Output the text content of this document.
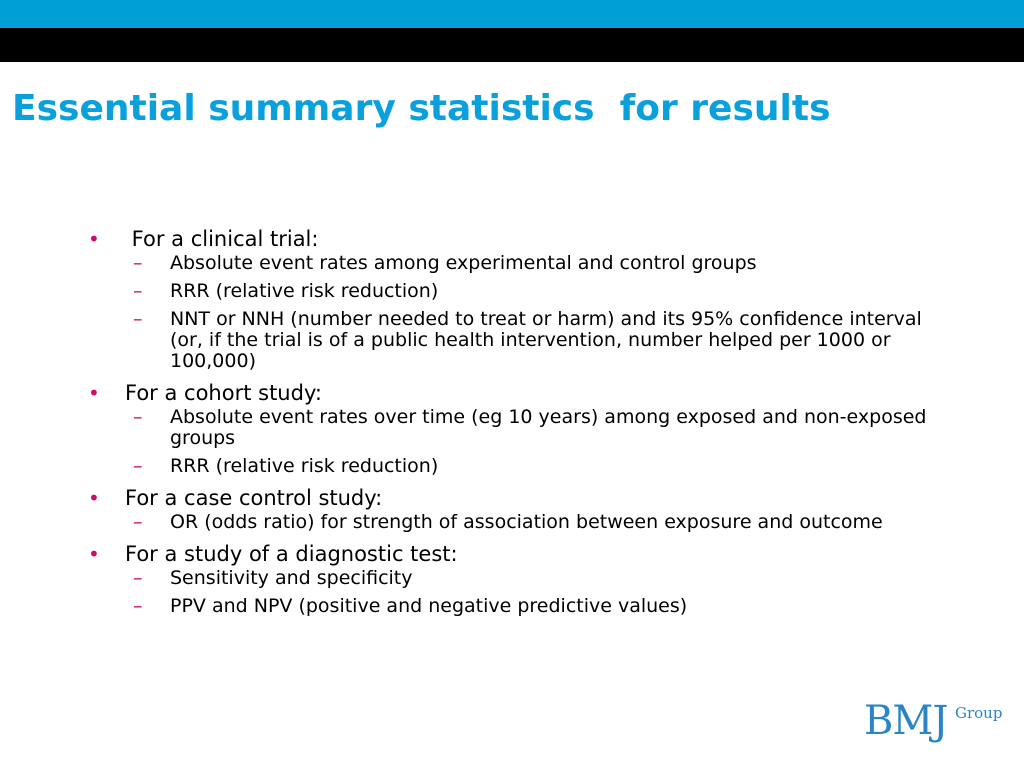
Essential summary statistics  for results
• For a clinical trial:
– Absolute event rates among experimental and control groups
– RRR (relative risk reduction)
– NNT or NNH (number needed to treat or harm) and its 95% confidence interval (or, if the trial is of a public health intervention, number helped per 1000 or 100,000)
• For a cohort study:
– Absolute event rates over time (eg 10 years) among exposed and non-exposed groups
– RRR (relative risk reduction)
• For a case control study:
– OR (odds ratio) for strength of association between exposure and outcome
• For a study of a diagnostic test:
– Sensitivity and specificity
– PPV and NPV (positive and negative predictive values)
BMJ Group
